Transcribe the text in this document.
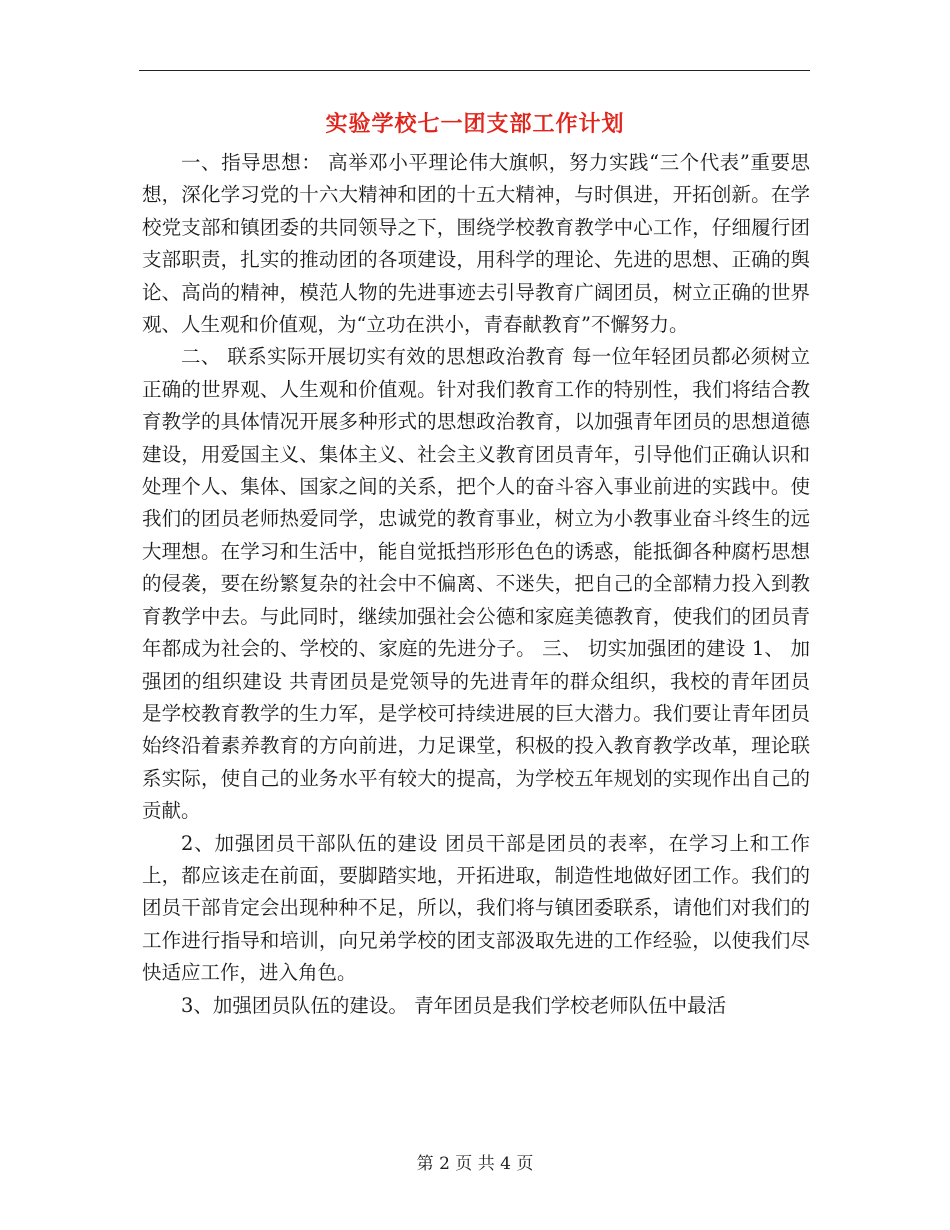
实验学校七一团支部工作计划

一、指导思想： 高举邓小平理论伟大旗帜，努力实践“三个代表”重要思想，深化学习党的十六大精神和团的十五大精神，与时俱进，开拓创新。在学校党支部和镇团委的共同领导之下，围绕学校教育教学中心工作，仔细履行团支部职责，扎实的推动团的各项建设，用科学的理论、先进的思想、正确的舆论、高尚的精神，模范人物的先进事迹去引导教育广阔团员，树立正确的世界观、人生观和价值观，为“立功在洪小，青春献教育”不懈努力。

二、 联系实际开展切实有效的思想政治教育 每一位年轻团员都必须树立正确的世界观、人生观和价值观。针对我们教育工作的特别性，我们将结合教育教学的具体情况开展多种形式的思想政治教育，以加强青年团员的思想道德建设，用爱国主义、集体主义、社会主义教育团员青年，引导他们正确认识和处理个人、集体、国家之间的关系，把个人的奋斗容入事业前进的实践中。使我们的团员老师热爱同学，忠诚党的教育事业，树立为小教事业奋斗终生的远大理想。在学习和生活中，能自觉抵挡形形色色的诱惑，能抵御各种腐朽思想的侵袭，要在纷繁复杂的社会中不偏离、不迷失，把自己的全部精力投入到教育教学中去。与此同时，继续加强社会公德和家庭美德教育，使我们的团员青年都成为社会的、学校的、家庭的先进分子。 三、 切实加强团的建设 1、 加强团的组织建设 共青团员是党领导的先进青年的群众组织，我校的青年团员是学校教育教学的生力军，是学校可持续进展的巨大潜力。我们要让青年团员始终沿着素养教育的方向前进，力足课堂，积极的投入教育教学改革，理论联系实际，使自己的业务水平有较大的提高，为学校五年规划的实现作出自己的贡献。

2、加强团员干部队伍的建设 团员干部是团员的表率，在学习上和工作上，都应该走在前面，要脚踏实地，开拓进取，制造性地做好团工作。我们的团员干部肯定会出现种种不足，所以，我们将与镇团委联系，请他们对我们的工作进行指导和培训，向兄弟学校的团支部汲取先进的工作经验，以使我们尽快适应工作，进入角色。

3、加强团员队伍的建设。 青年团员是我们学校老师队伍中最活

第 2 页 共 4 页
